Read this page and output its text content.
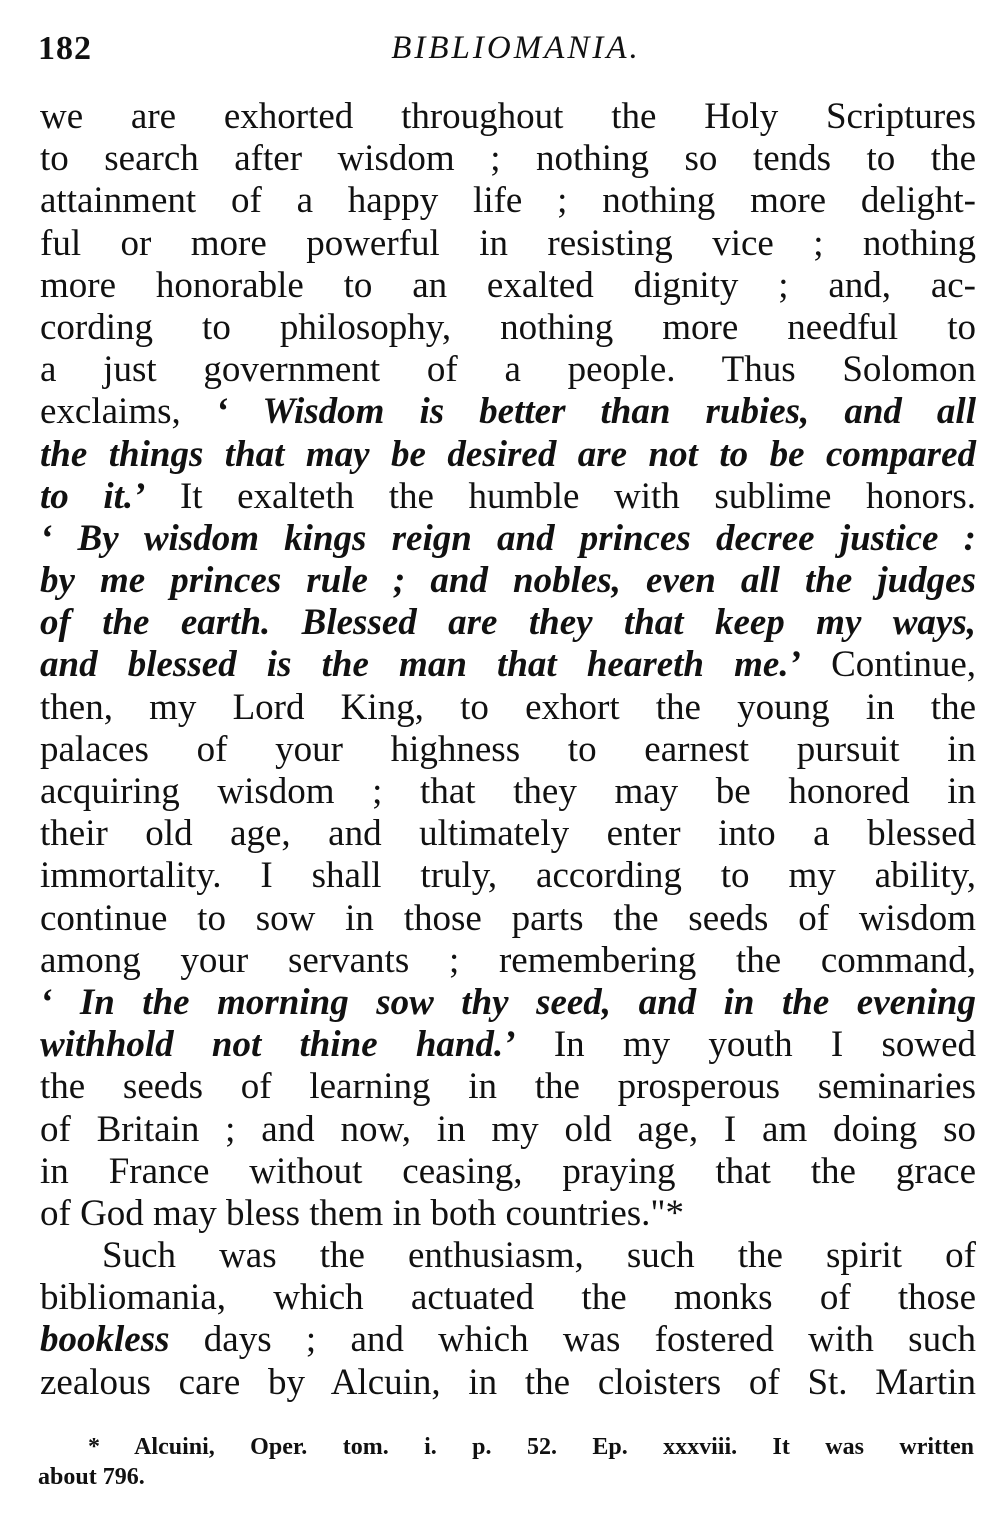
182	BIBLIOMANIA.
we are exhorted throughout the Holy Scriptures
to search after wisdom ; nothing so tends to the
attainment of a happy life ; nothing more delight-
ful or more powerful in resisting vice ; nothing
more honorable to an exalted dignity ; and, ac-
cording to philosophy, nothing more needful to
a just government of a people. Thus Solomon
exclaims, ‘ Wisdom is better than rubies, and all
the things that may be desired are not to be compared
to it.’ It exalteth the humble with sublime honors.
‘ By wisdom kings reign and princes decree justice :
by me princes rule ; and nobles, even all the judges
of the earth. Blessed are they that keep my ways,
and blessed is the man that heareth me.’ Continue,
then, my Lord King, to exhort the young in the
palaces of your highness to earnest pursuit in
acquiring wisdom ; that they may be honored in
their old age, and ultimately enter into a blessed
immortality. I shall truly, according to my ability,
continue to sow in those parts the seeds of wisdom
among your servants ; remembering the command,
‘ In the morning sow thy seed, and in the evening
withhold not thine hand.’ In my youth I sowed
the seeds of learning in the prosperous seminaries
of Britain ; and now, in my old age, I am doing so
in France without ceasing, praying that the grace
of God may bless them in both countries."*
Such was the enthusiasm, such the spirit of
bibliomania, which actuated the monks of those
bookless days ; and which was fostered with such
zealous care by Alcuin, in the cloisters of St. Martin
* Alcuini, Oper. tom. i. p. 52. Ep. xxxviii. It was written
about 796.
